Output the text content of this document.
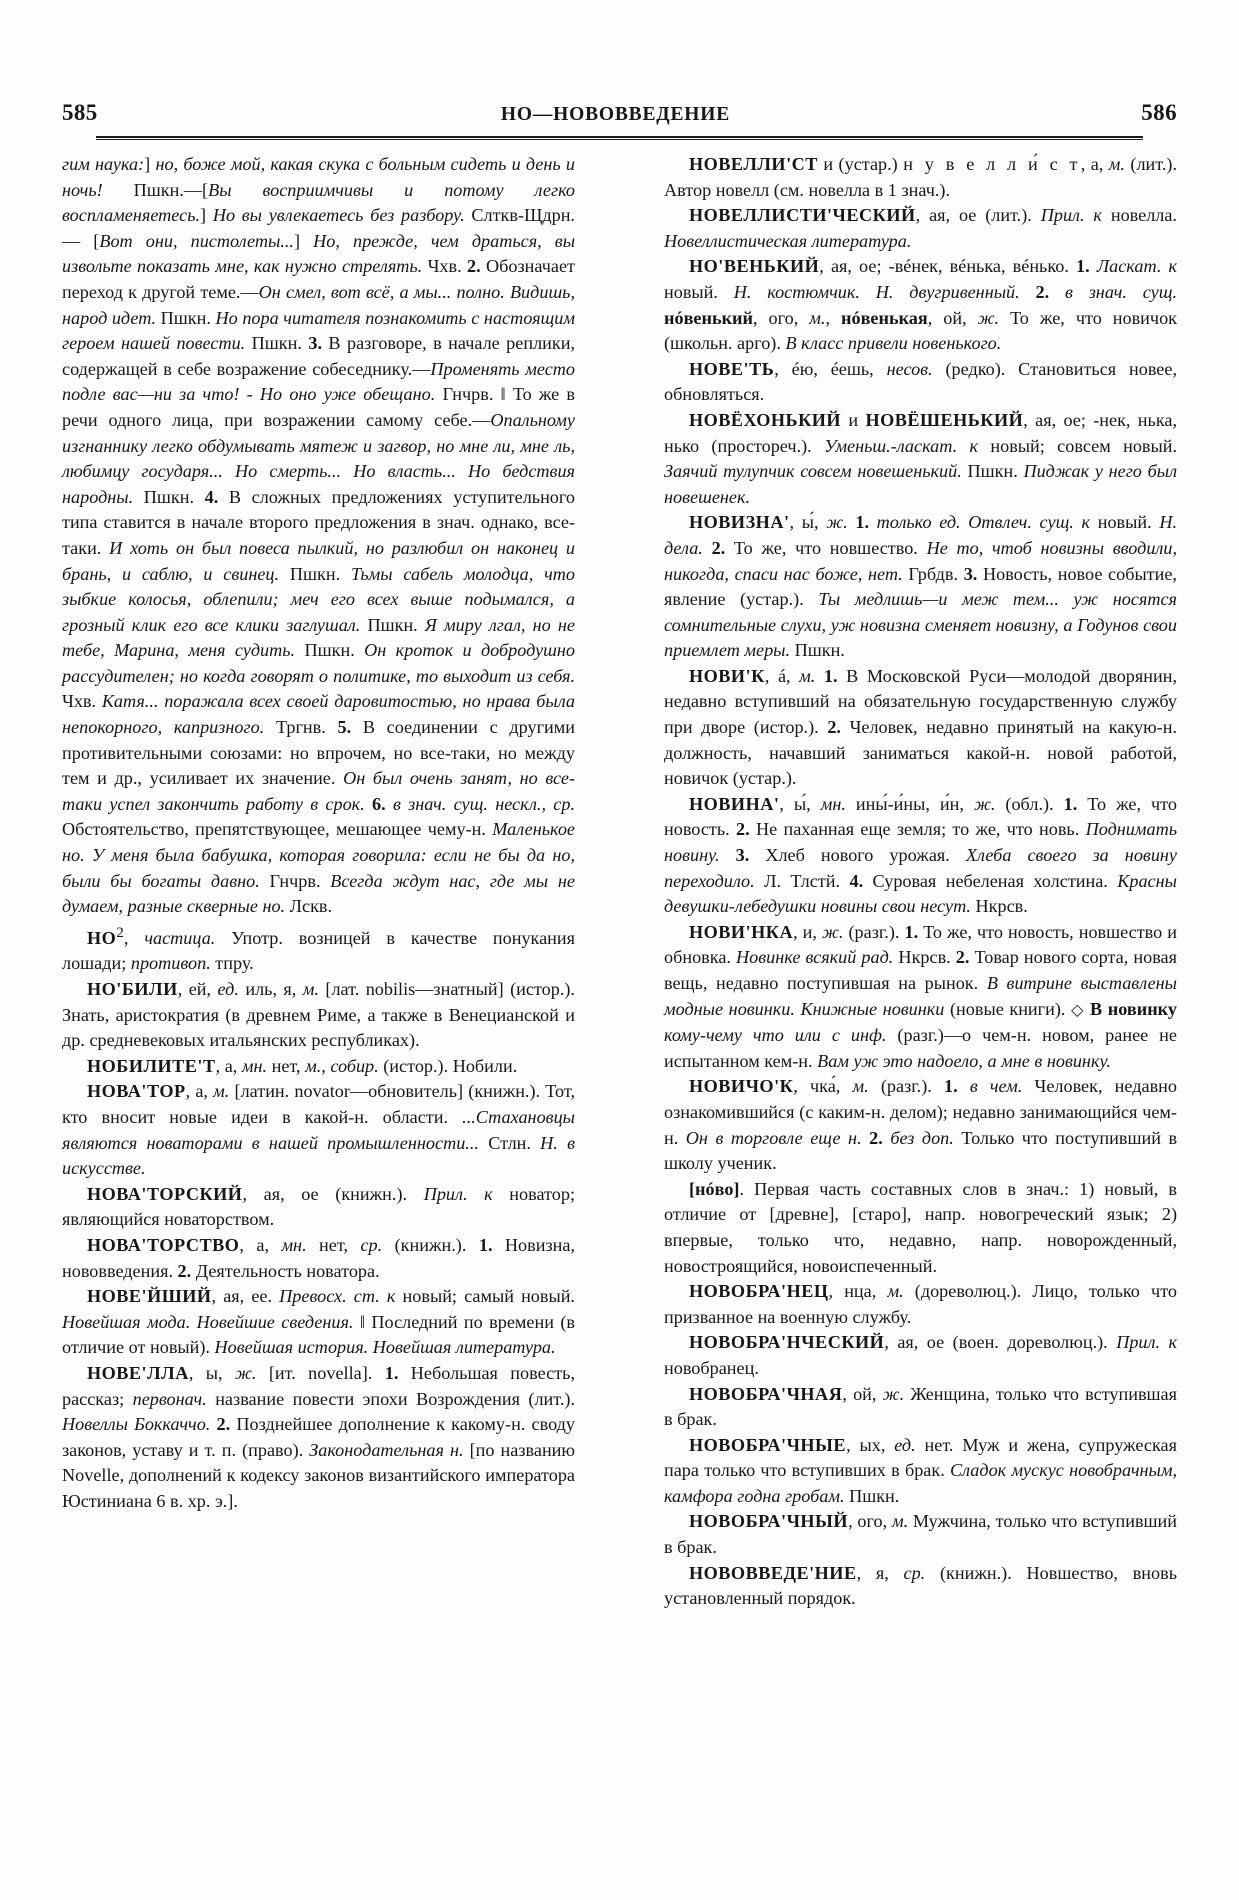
585	НО—НОВОВВЕДЕНИЕ	586

гим наука:] но, боже мой, какая скука с больным сидеть и день и ночь! Пшкн.—[Вы восприимчивы и потому легко воспламеняетесь.] Но вы увлекаетесь без разбору. Слткв-Щдрн.— [Вот они, пистолеты...] Но, прежде, чем драться, вы извольте показать мне, как нужно стрелять. Чхв. 2. Обозначает переход к другой теме.—Он смел, вот всё, а мы... полно. Видишь, народ идет. Пшкн. Но пора читателя познакомить с настоящим героем нашей повести. Пшкн. 3. В разговоре, в начале реплики, содержащей в себе возражение собеседнику.—Променять место подле вас—ни за что! - Но оно уже обещано. Гнчрв. ‖ То же в речи одного лица, при возражении самому себе.—Опальному изгнаннику легко обдумывать мятеж и загвор, но мне ли, мне ль, любимцу государя... Но смерть... Но власть... Но бедствия народны. Пшкн. 4. В сложных предложениях уступительного типа ставится в начале второго предложения в знач. однако, все-таки. И хоть он был повеса пылкий, но разлюбил он наконец и брань, и саблю, и свинец. Пшкн. Тьмы сабель молодца, что зыбкие колосья, облепили; меч его всех выше подымался, а грозный клик его все клики заглушал. Пшкн. Я миру лгал, но не тебе, Марина, меня судить. Пшкн. Он кроток и добродушно рассудителен; но когда говорят о политике, то выходит из себя. Чхв. Катя... поражала всех своей даровитостью, но нрава была непокорного, капризного. Тргнв. 5. В соединении с другими противительными союзами: но впрочем, но все-таки, но между тем и др., усиливает их значение. Он был очень занят, но все-таки успел закончить работу в срок. 6. в знач. сущ. нескл., ср. Обстоятельство, препятствующее, мешающее чему-н. Маленькое но. У меня была бабушка, которая говорила: если не бы да но, были бы богаты давно. Гнчрв. Всегда ждут нас, где мы не думаем, разные скверные но. Лскв.

$НО^2$, частица. Употр. возницей в качестве понукания лошади; противоп. тпру.

НО'БИЛИ, ей, ед. иль, я, м. [лат. nobilis—знатный] (истор.). Знать, аристократия (в древнем Риме, а также в Венецианской и др. средневековых итальянских республиках).

НОБИЛИТЕ'Т, а, мн. нет, м., собир. (истор.). Нобили.

НОВА'ТОР, а, м. [латин. novator—обновитель] (книжн.). Тот, кто вносит новые идеи в какой-н. области. ...Стахановцы являются новаторами в нашей промышленности... Стлн. Н. в искусстве.

НОВА'ТОРСКИЙ, ая, ое (книжн.). Прил. к новатор; являющийся новаторством.

НОВА'ТОРСТВО, а, мн. нет, ср. (книжн.). 1. Новизна, нововведения. 2. Деятельность новатора.

НОВЕ'ЙШИЙ, ая, ее. Превосх. ст. к новый; самый новый. Новейшая мода. Новейшие сведения. ‖ Последний по времени (в отличие от новый). Новейшая история. Новейшая литература.

НОВЕ'ЛЛА, ы, ж. [ит. novella]. 1. Небольшая повесть, рассказ; первонач. название повести эпохи Возрождения (лит.). Новеллы Боккаччо. 2. Позднейшее дополнение к какому-н. своду законов, уставу и т. п. (право). Законодательная н. [по названию Novelle, дополнений к кодексу законов византийского императора Юстиниана 6 в. хр. э.].

НОВЕЛЛИ'СТ и (устар.) н у в е л л и́ с т, а, м. (лит.). Автор новелл (см. новелла в 1 знач.).

НОВЕЛЛИСТИ'ЧЕСКИЙ, ая, ое (лит.). Прил. к новелла. Новеллистическая литература.

НО'ВЕНЬКИЙ, ая, ое; -вéнек, вéнька, вéнько. 1. Ласкат. к новый. Н. костюмчик. Н. двугривенный. 2. в знач. сущ. нóвенький, ого, м., нóвенькая, ой, ж. То же, что новичок (школьн. арго). В класс привели новенького.

НОВЕ'ТЬ, éю, éешь, несов. (редко). Становиться новее, обновляться.

НОВЁХОНЬКИЙ и НОВЁШЕНЬКИЙ, ая, ое; -нек, нька, нько (простореч.). Уменьш.-ласкат. к новый; совсем новый. Заячий тулупчик совсем новешенький. Пшкн. Пиджак у него был новешенек.

НОВИЗНА', ы́, ж. 1. только ед. Отвлеч. сущ. к новый. Н. дела. 2. То же, что новшество. Не то, чтоб новизны вводили, никогда, спаси нас боже, нет. Грбдв. 3. Новость, новое событие, явление (устар.). Ты медлишь—и меж тем... уж носятся сомнительные слухи, уж новизна сменяет новизну, а Годунов свои приемлет меры. Пшкн.

НОВИ'К, á, м. 1. В Московской Руси—молодой дворянин, недавно вступивший на обязательную государственную службу при дворе (истор.). 2. Человек, недавно принятый на какую-н. должность, начавший заниматься какой-н. новой работой, новичок (устар.).

НОВИНА', ы́, мн. ины́-и́ны, и́н, ж. (обл.). 1. То же, что новость. 2. Не паханная еще земля; то же, что новь. Поднимать новину. 3. Хлеб нового урожая. Хлеба своего за новину переходило. Л. Тлстй. 4. Суровая небеленая холстина. Красны девушки-лебедушки новины свои несут. Нкрсв.

НОВИ'НКА, и, ж. (разг.). 1. То же, что новость, новшество и обновка. Новинке всякий рад. Нкрсв. 2. Товар нового сорта, новая вещь, недавно поступившая на рынок. В витрине выставлены модные новинки. Книжные новинки (новые книги). ◇ В новинку кому-чему что или с инф. (разг.)—о чем-н. новом, ранее не испытанном кем-н. Вам уж это надоело, а мне в новинку.

НОВИЧО'К, чка́, м. (разг.). 1. в чем. Человек, недавно ознакомившийся (с каким-н. делом); недавно занимающийся чем-н. Он в торговле еще н. 2. без доп. Только что поступивший в школу ученик.

[нóво]. Первая часть составных слов в знач.: 1) новый, в отличие от [древне], [старо], напр. новогреческий язык; 2) впервые, только что, недавно, напр. новорожденный, новостроящийся, новоиспеченный.

НОВОБРА'НЕЦ, нца, м. (дореволюц.). Лицо, только что призванное на военную службу.

НОВОБРА'НЧЕСКИЙ, ая, ое (воен. дореволюц.). Прил. к новобранец.

НОВОБРА'ЧНАЯ, ой, ж. Женщина, только что вступившая в брак.

НОВОБРА'ЧНЫЕ, ых, ед. нет. Муж и жена, супружеская пара только что вступивших в брак. Сладок мускус новобрачным, камфора годна гробам. Пшкн.

НОВОБРА'ЧНЫЙ, ого, м. Мужчина, только что вступивший в брак.

НОВОВВЕДЕ'НИЕ, я, ср. (книжн.). Новшество, вновь установленный порядок.
